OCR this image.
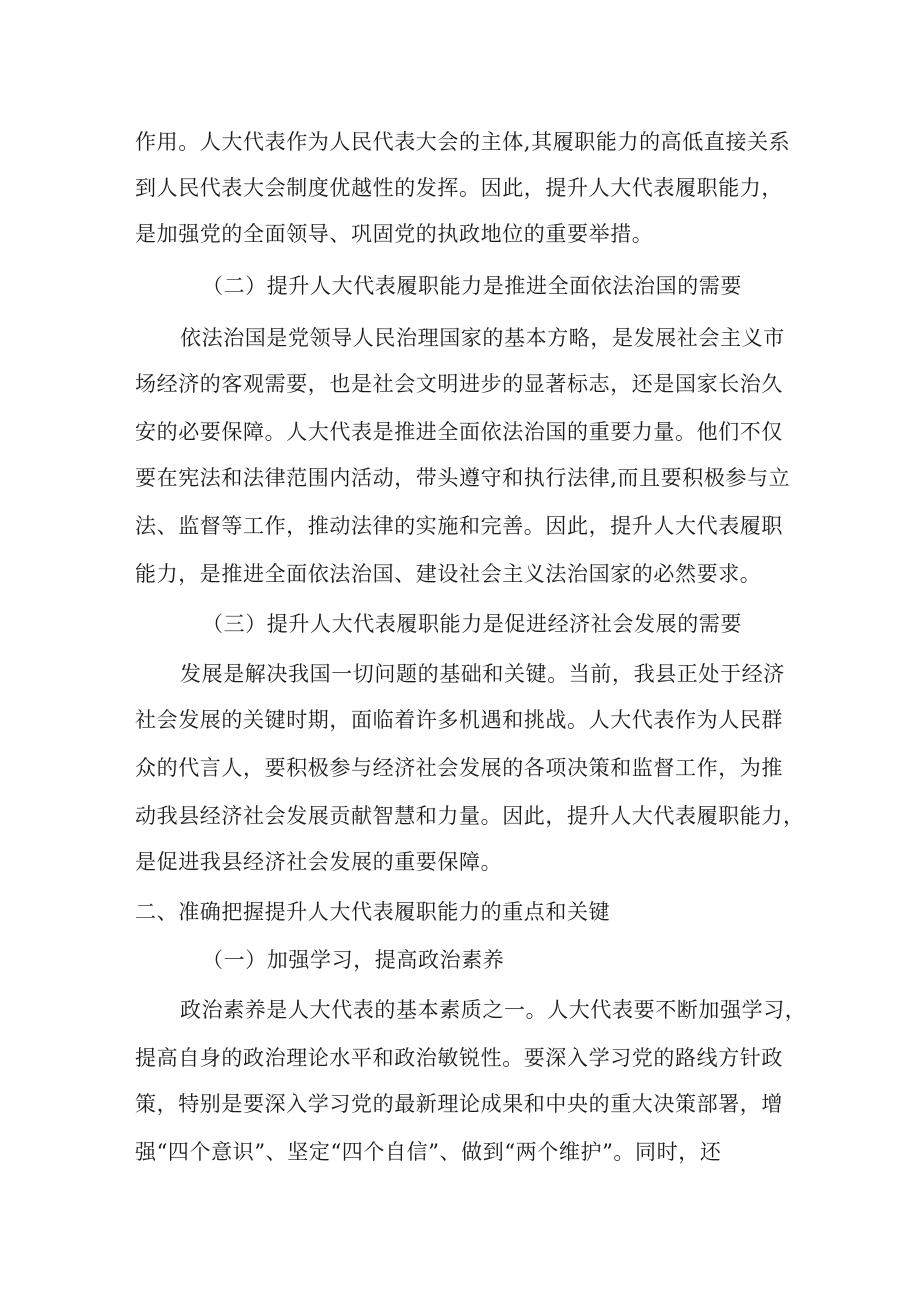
作用。人大代表作为人民代表大会的主体,其履职能力的高低直接关系
到人民代表大会制度优越性的发挥。因此，提升人大代表履职能力，
是加强党的全面领导、巩固党的执政地位的重要举措。
（二）提升人大代表履职能力是推进全面依法治国的需要
依法治国是党领导人民治理国家的基本方略，是发展社会主义市
场经济的客观需要，也是社会文明进步的显著标志，还是国家长治久
安的必要保障。人大代表是推进全面依法治国的重要力量。他们不仅
要在宪法和法律范围内活动，带头遵守和执行法律,而且要积极参与立
法、监督等工作，推动法律的实施和完善。因此，提升人大代表履职
能力，是推进全面依法治国、建设社会主义法治国家的必然要求。
（三）提升人大代表履职能力是促进经济社会发展的需要
发展是解决我国一切问题的基础和关键。当前，我县正处于经济
社会发展的关键时期，面临着许多机遇和挑战。人大代表作为人民群
众的代言人，要积极参与经济社会发展的各项决策和监督工作，为推
动我县经济社会发展贡献智慧和力量。因此，提升人大代表履职能力，
是促进我县经济社会发展的重要保障。
二、准确把握提升人大代表履职能力的重点和关键
（一）加强学习，提高政治素养
政治素养是人大代表的基本素质之一。人大代表要不断加强学习，
提高自身的政治理论水平和政治敏锐性。要深入学习党的路线方针政
策，特别是要深入学习党的最新理论成果和中央的重大决策部署，增
强“四个意识”、坚定“四个自信”、做到“两个维护”。同时，还
